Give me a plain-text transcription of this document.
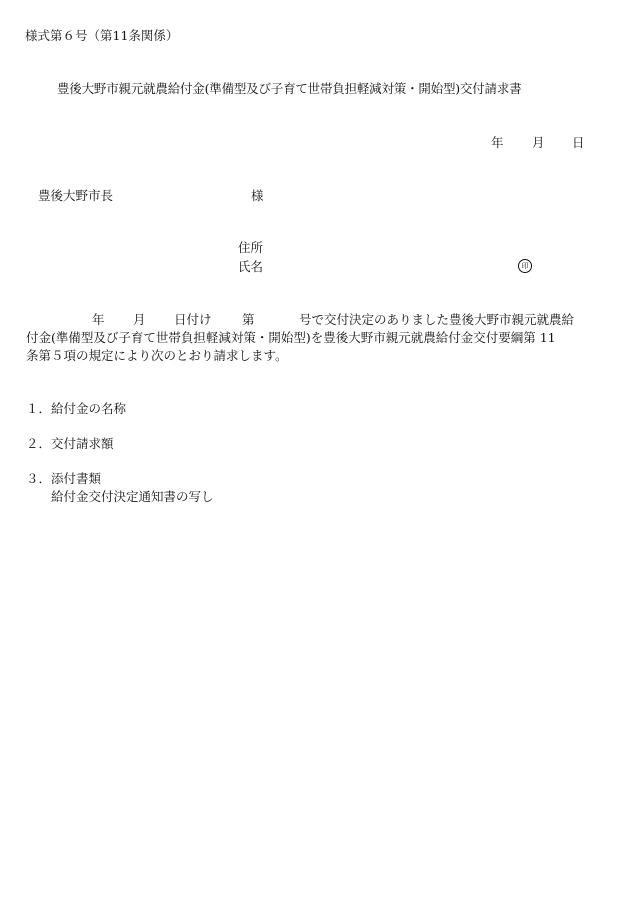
様式第６号（第11条関係）
豊後大野市親元就農給付金(準備型及び子育て世帯負担軽減対策・開始型)交付請求書
年 月 日
豊後大野市長	様
住所
氏名	印
年 月 日付け 第	号で交付決定のありました豊後大野市親元就農給
付金(準備型及び子育て世帯負担軽減対策・開始型)を豊後大野市親元就農給付金交付要綱第 11
条第５項の規定により次のとおり請求します。
１． 給付金の名称
２． 交付請求額
３． 添付書類
給付金交付決定通知書の写し
